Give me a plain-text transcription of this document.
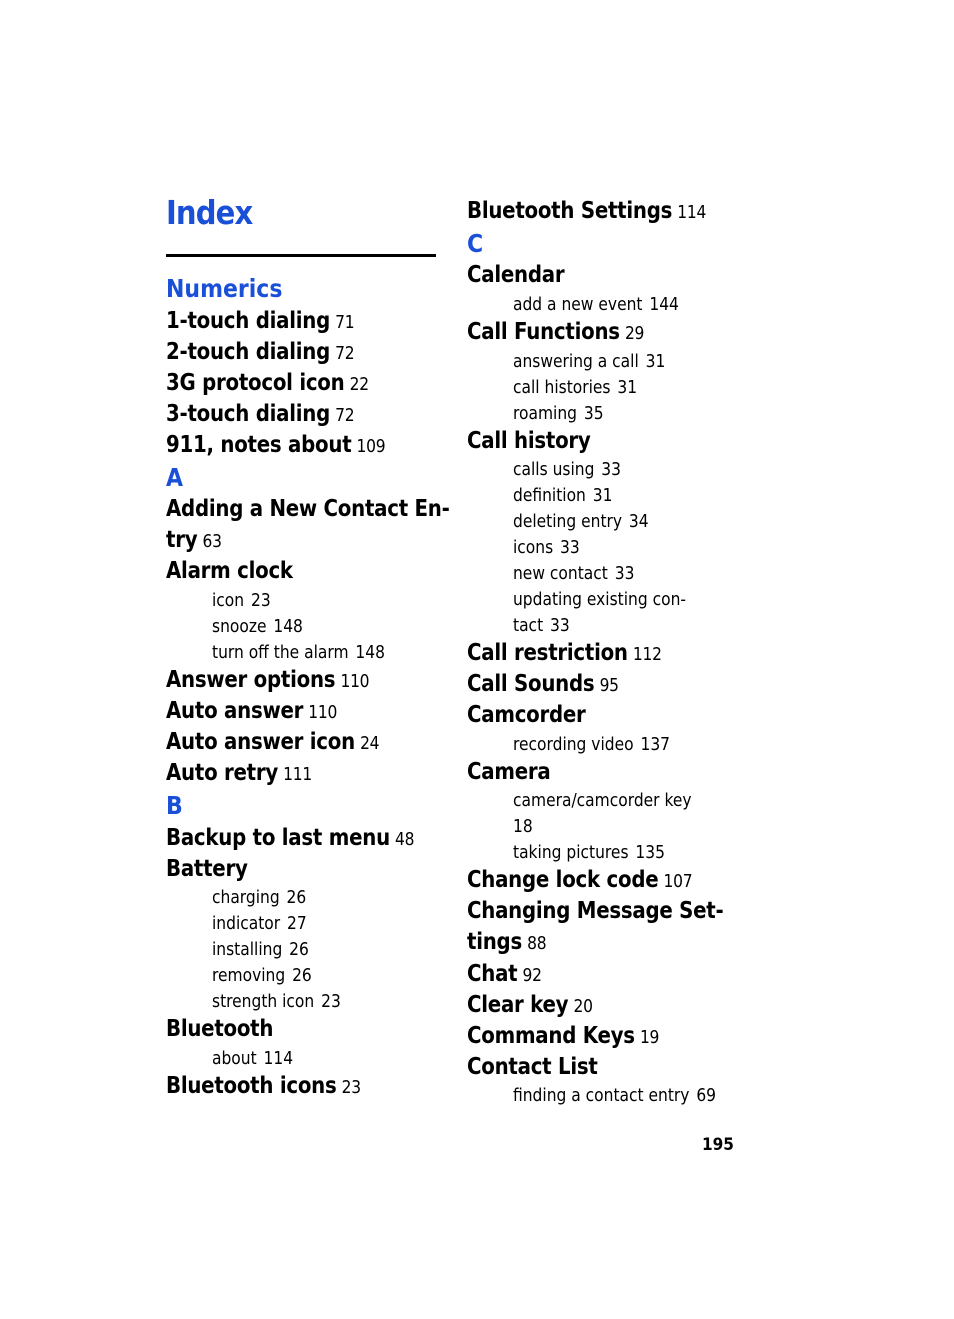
Index
Numerics
1-touch dialing 71
2-touch dialing 72
3G protocol icon 22
3-touch dialing 72
911, notes about 109
A
Adding a New Contact En-
try 63
Alarm clock
icon 23
snooze 148
turn off the alarm 148
Answer options 110
Auto answer 110
Auto answer icon 24
Auto retry 111
B
Backup to last menu 48
Battery
charging 26
indicator 27
installing 26
removing 26
strength icon 23
Bluetooth
about 114
Bluetooth icons 23
Bluetooth Settings 114
C
Calendar
add a new event 144
Call Functions 29
answering a call 31
call histories 31
roaming 35
Call history
calls using 33
definition 31
deleting entry 34
icons 33
new contact 33
updating existing con-
tact 33
Call restriction 112
Call Sounds 95
Camcorder
recording video 137
Camera
camera/camcorder key
18
taking pictures 135
Change lock code 107
Changing Message Set-
tings 88
Chat 92
Clear key 20
Command Keys 19
Contact List
finding a contact entry 69
195
